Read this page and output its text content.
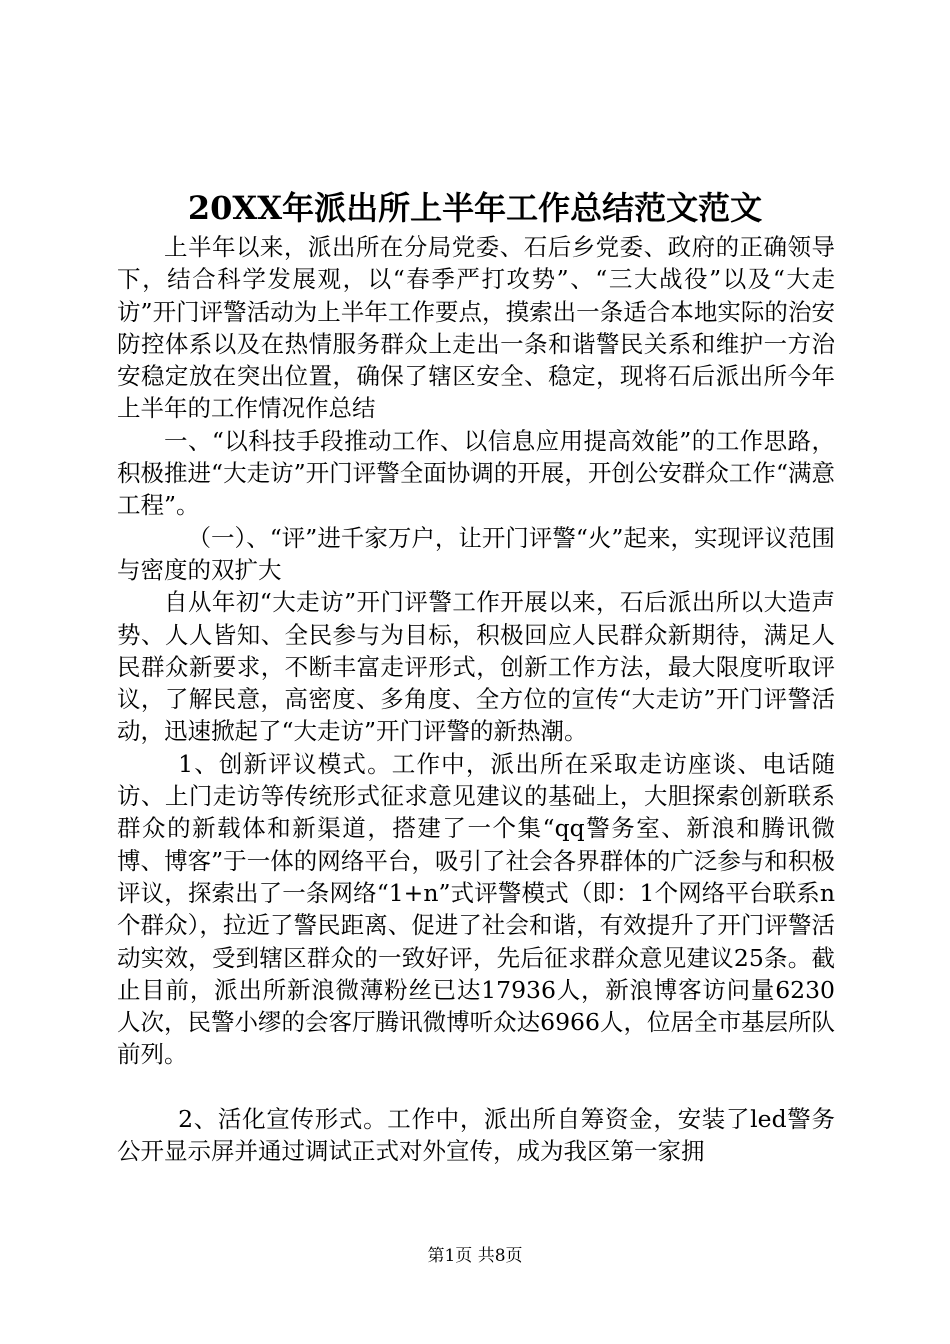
20XX年派出所上半年工作总结范文范文

上半年以来，派出所在分局党委、石后乡党委、政府的正确领导下，结合科学发展观，以“春季严打攻势”、“三大战役”以及“大走访”开门评警活动为上半年工作要点，摸索出一条适合本地实际的治安防控体系以及在热情服务群众上走出一条和谐警民关系和维护一方治安稳定放在突出位置，确保了辖区安全、稳定，现将石后派出所今年上半年的工作情况作总结

一、“以科技手段推动工作、以信息应用提高效能”的工作思路，积极推进“大走访”开门评警全面协调的开展，开创公安群众工作“满意工程”。

（一）、“评”进千家万户，让开门评警“火”起来，实现评议范围与密度的双扩大

自从年初“大走访”开门评警工作开展以来，石后派出所以大造声势、人人皆知、全民参与为目标，积极回应人民群众新期待，满足人民群众新要求，不断丰富走评形式，创新工作方法，最大限度听取评议，了解民意，高密度、多角度、全方位的宣传“大走访”开门评警活动，迅速掀起了“大走访”开门评警的新热潮。

1、创新评议模式。工作中，派出所在采取走访座谈、电话随访、上门走访等传统形式征求意见建议的基础上，大胆探索创新联系群众的新载体和新渠道，搭建了一个集“qq警务室、新浪和腾讯微博、博客”于一体的网络平台，吸引了社会各界群体的广泛参与和积极评议，探索出了一条网络“1+n”式评警模式（即：1个网络平台联系n个群众），拉近了警民距离、促进了社会和谐，有效提升了开门评警活动实效，受到辖区群众的一致好评，先后征求群众意见建议25条。截止目前，派出所新浪微薄粉丝已达17936人，新浪博客访问量6230人次，民警小缪的会客厅腾讯微博听众达6966人，位居全市基层所队前列。

2、活化宣传形式。工作中，派出所自筹资金，安装了led警务公开显示屏并通过调试正式对外宣传，成为我区第一家拥

第1页 共8页
